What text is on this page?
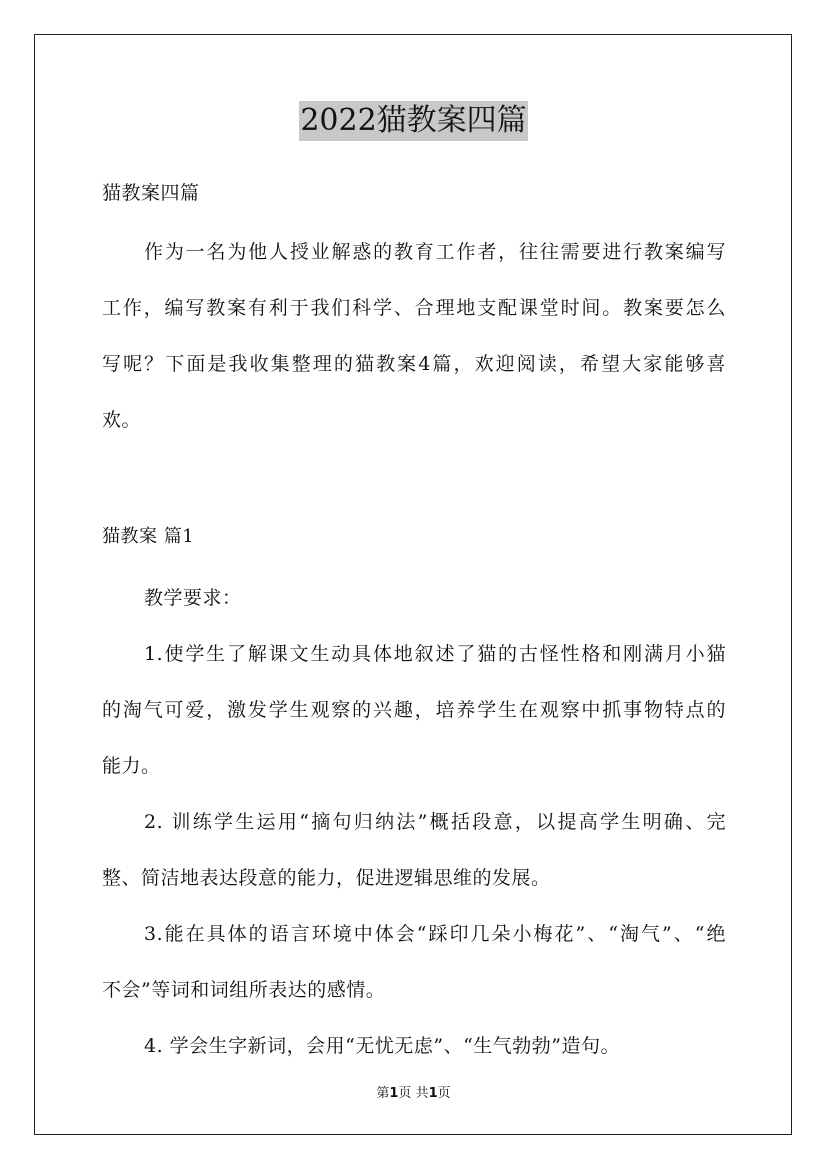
2022猫教案四篇
猫教案四篇
作为一名为他人授业解惑的教育工作者，往往需要进行教案编写
工作，编写教案有利于我们科学、合理地支配课堂时间。教案要怎么
写呢？下面是我收集整理的猫教案4篇，欢迎阅读，希望大家能够喜
欢。
猫教案 篇1
教学要求：
1.使学生了解课文生动具体地叙述了猫的古怪性格和刚满月小猫
的淘气可爱，激发学生观察的兴趣，培养学生在观察中抓事物特点的
能力。
2. 训练学生运用“摘句归纳法”概括段意，以提高学生明确、完
整、简洁地表达段意的能力，促进逻辑思维的发展。
3.能在具体的语言环境中体会“踩印几朵小梅花”、“淘气”、“绝
不会”等词和词组所表达的感情。
4. 学会生字新词，会用“无忧无虑”、“生气勃勃”造句。
第1页 共1页
